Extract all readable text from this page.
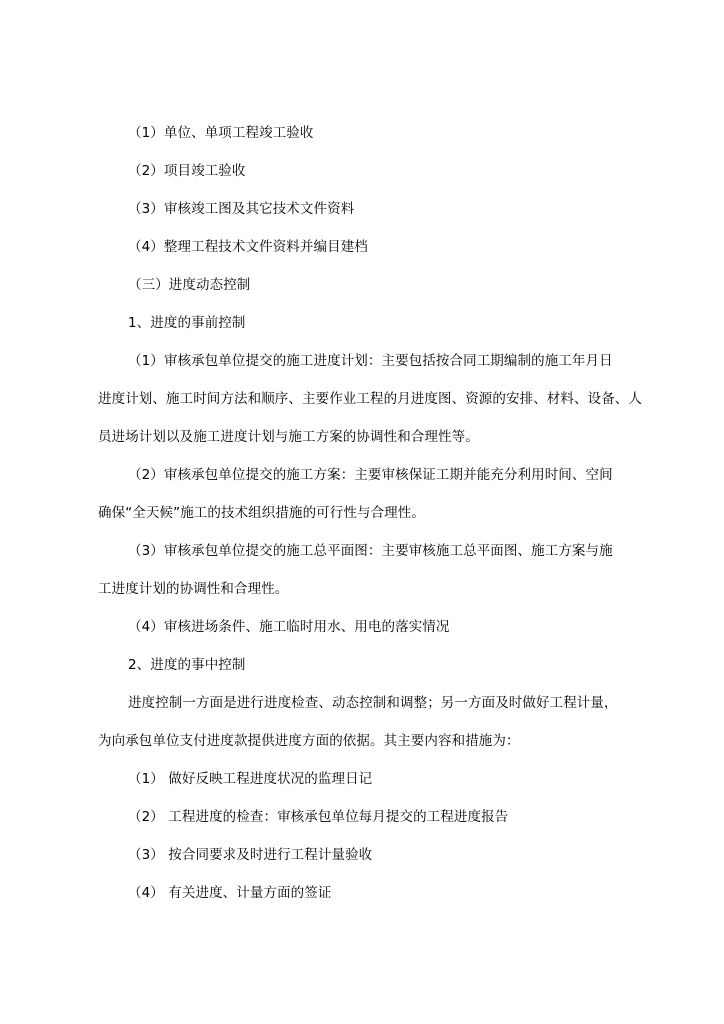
（1）单位、单项工程竣工验收
（2）项目竣工验收
（3）审核竣工图及其它技术文件资料
（4）整理工程技术文件资料并编目建档
（三）进度动态控制
1、进度的事前控制
（1）审核承包单位提交的施工进度计划：主要包括按合同工期编制的施工年月日
进度计划、施工时间方法和顺序、主要作业工程的月进度图、资源的安排、材料、设备、人
员进场计划以及施工进度计划与施工方案的协调性和合理性等。
（2）审核承包单位提交的施工方案：主要审核保证工期并能充分利用时间、空间
确保“全天候”施工的技术组织措施的可行性与合理性。
（3）审核承包单位提交的施工总平面图：主要审核施工总平面图、施工方案与施
工进度计划的协调性和合理性。
（4）审核进场条件、施工临时用水、用电的落实情况
2、进度的事中控制
进度控制一方面是进行进度检查、动态控制和调整；另一方面及时做好工程计量，
为向承包单位支付进度款提供进度方面的依据。其主要内容和措施为：
（1） 做好反映工程进度状况的监理日记
（2） 工程进度的检查：审核承包单位每月提交的工程进度报告
（3） 按合同要求及时进行工程计量验收
（4） 有关进度、计量方面的签证
